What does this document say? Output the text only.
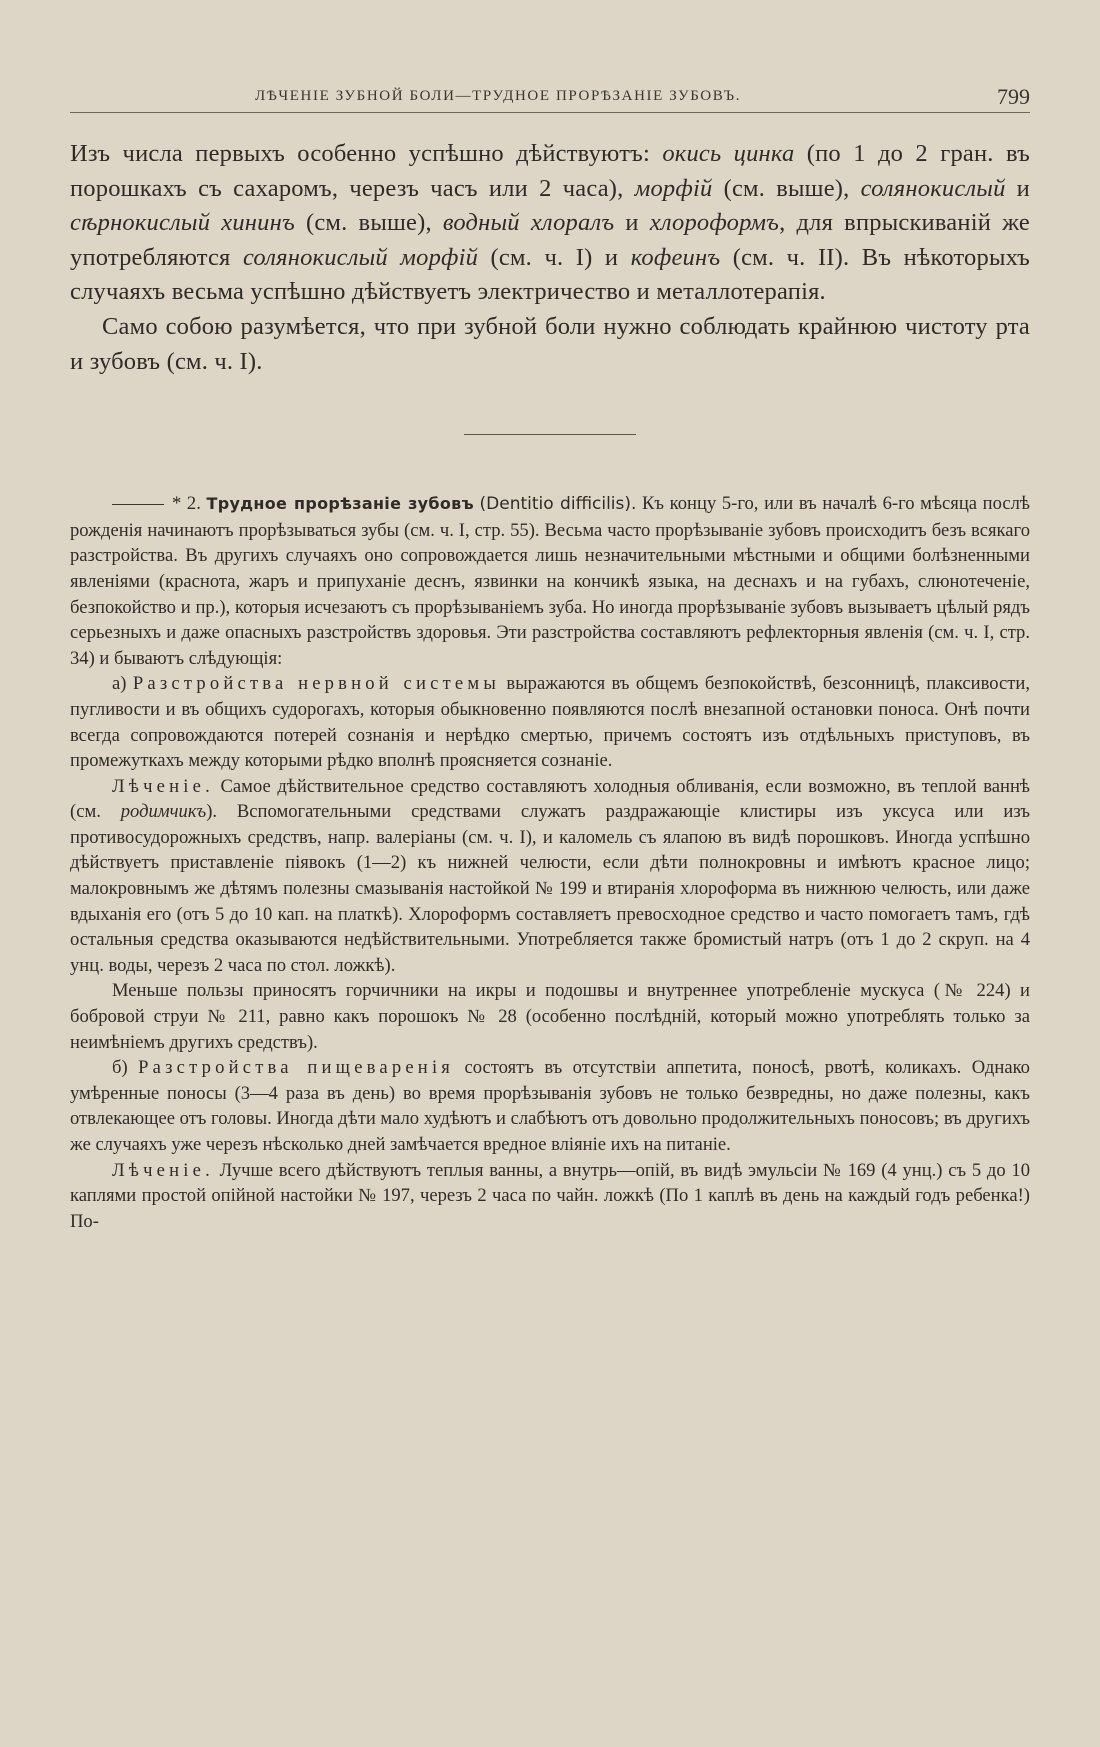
ЛѢЧЕНІЕ ЗУБНОЙ БОЛИ—ТРУДНОЕ ПРОРѢЗАНІЕ ЗУБОВЪ.	799

Изъ числа первыхъ особенно успѣшно дѣйствуютъ: окись цинка (по 1 до 2 гран. въ порошкахъ съ сахаромъ, черезъ часъ или 2 часа), морфій (см. выше), солянокислый и сѣрнокислый хининъ (см. выше), водный хлоралъ и хлороформъ, для впрыскиваній же употребляются солянокислый морфій (см. ч. I) и кофеинъ (см. ч. II). Въ нѣкоторыхъ случаяхъ весьма успѣшно дѣйствуетъ электричество и металлотерапія.

Само собою разумѣется, что при зубной боли нужно соблюдать крайнюю чистоту рта и зубовъ (см. ч. I).

* 2. Трудное прорѣзаніе зубовъ (Dentitio difficilis). Къ концу 5-го, или въ началѣ 6-го мѣсяца послѣ рожденія начинаютъ прорѣзываться зубы (см. ч. I, стр. 55). Весьма часто прорѣзываніе зубовъ происходитъ безъ всякаго разстройства. Въ другихъ случаяхъ оно сопровождается лишь незначительными мѣстными и общими болѣзненными явленіями (краснота, жаръ и припуханіе деснъ, язвинки на кончикѣ языка, на деснахъ и на губахъ, слюнотеченіе, безпокойство и пр.), которыя исчезаютъ съ прорѣзываніемъ зуба. Но иногда прорѣзываніе зубовъ вызываетъ цѣлый рядъ серьезныхъ и даже опасныхъ разстройствъ здоровья. Эти разстройства составляютъ рефлекторныя явленія (см. ч. I, стр. 34) и бываютъ слѣдующія:

а) Разстройства нервной системы выражаются въ общемъ безпокойствѣ, безсонницѣ, плаксивости, пугливости и въ общихъ судорогахъ, которыя обыкновенно появляются послѣ внезапной остановки поноса. Онѣ почти всегда сопровождаются потерей сознанія и нерѣдко смертью, причемъ состоятъ изъ отдѣльныхъ приступовъ, въ промежуткахъ между которыми рѣдко вполнѣ проясняется сознаніе.

Лѣченіе. Самое дѣйствительное средство составляютъ холодныя обливанія, если возможно, въ теплой ваннѣ (см. родимчикъ). Вспомогательными средствами служатъ раздражающіе клистиры изъ уксуса или изъ противосудорожныхъ средствъ, напр. валеріаны (см. ч. I), и каломель съ ялапою въ видѣ порошковъ. Иногда успѣшно дѣйствуетъ приставленіе піявокъ (1—2) къ нижней челюсти, если дѣти полнокровны и имѣютъ красное лицо; малокровнымъ же дѣтямъ полезны смазыванія настойкой № 199 и втиранія хлороформа въ нижнюю челюсть, или даже вдыханія его (отъ 5 до 10 кап. на платкѣ). Хлороформъ составляетъ превосходное средство и часто помогаетъ тамъ, гдѣ остальныя средства оказываются недѣйствительными. Употребляется также бромистый натръ (отъ 1 до 2 скруп. на 4 унц. воды, черезъ 2 часа по стол. ложкѣ).

Меньше пользы приносятъ горчичники на икры и подошвы и внутреннее употребленіе мускуса (№ 224) и бобровой струи № 211, равно какъ порошокъ № 28 (особенно послѣдній, который можно употреблять только за неимѣніемъ другихъ средствъ).

б) Разстройства пищеваренія состоятъ въ отсутствіи аппетита, поносѣ, рвотѣ, коликахъ. Однако умѣренные поносы (3—4 раза въ день) во время прорѣзыванія зубовъ не только безвредны, но даже полезны, какъ отвлекающее отъ головы. Иногда дѣти мало худѣютъ и слабѣютъ отъ довольно продолжительныхъ поносовъ; въ другихъ же случаяхъ уже черезъ нѣсколько дней замѣчается вредное вліяніе ихъ на питаніе.

Лѣченіе. Лучше всего дѣйствуютъ теплыя ванны, а внутрь—опій, въ видѣ эмульсіи № 169 (4 унц.) съ 5 до 10 каплями простой опійной настойки № 197, черезъ 2 часа по чайн. ложкѣ (По 1 каплѣ въ день на каждый годъ ребенка!) По-
